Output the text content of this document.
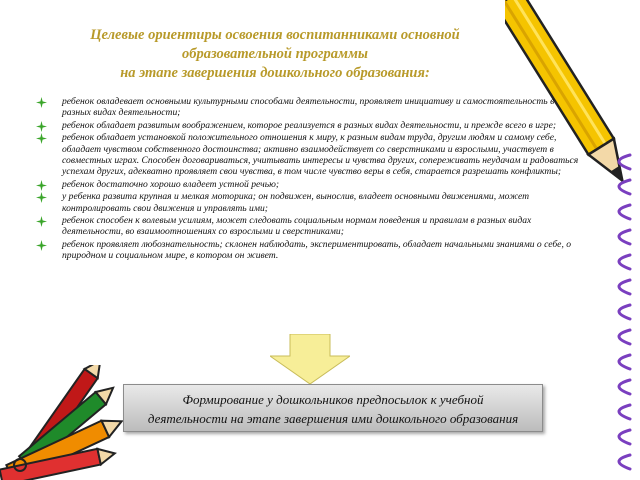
Целевые ориентиры освоения воспитанниками основной
образовательной программы
на этапе завершения дошкольного образования:
ребенок овладевает основными культурными способами деятельности, проявляет инициативу и самостоятельность в разных видах деятельности;
ребенок обладает развитым воображением, которое реализуется в разных видах деятельности, и прежде всего в игре;
ребенок обладает установкой положительного отношения к миру, к разным видам труда, другим людям и самому себе, обладает чувством собственного достоинства; активно взаимодействует со сверстниками и взрослыми, участвует в совместных играх. Способен договариваться, учитывать интересы и чувства других, сопереживать неудачам и радоваться успехам других, адекватно проявляет свои чувства, в том числе чувство веры в себя, старается разрешать конфликты;
ребенок достаточно хорошо владеет устной речью;
у ребенка развита крупная и мелкая моторика; он подвижен, вынослив, владеет основными движениями, может контролировать свои движения и управлять ими;
ребенок способен к волевым усилиям, может следовать социальным нормам поведения и правилам в разных видах деятельности, во взаимоотношениях со взрослыми и сверстниками;
ребенок проявляет любознательность; склонен наблюдать, экспериментировать, обладает начальными знаниями о себе, о природном и социальном мире, в котором он живет.
Формирование у дошкольников предпосылок к учебной
деятельности на этапе завершения ими дошкольного образования
